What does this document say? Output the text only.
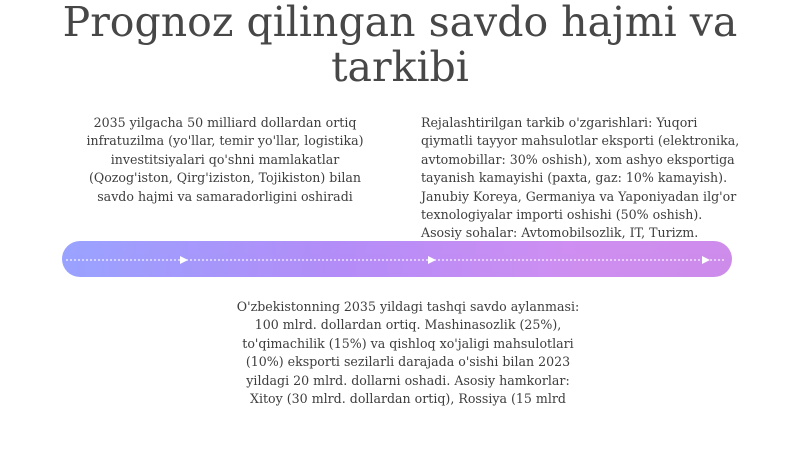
Prognoz qilingan savdo hajmi va tarkibi

2035 yilgacha 50 milliard dollardan ortiq infratuzilma (yo'llar, temir yo'llar, logistika) investitsiyalari qo'shni mamlakatlar (Qozog'iston, Qirg'iziston, Tojikiston) bilan savdo hajmi va samaradorligini oshiradi

Rejalashtirilgan tarkib o'zgarishlari: Yuqori qiymatli tayyor mahsulotlar eksporti (elektronika, avtomobillar: 30% oshish), xom ashyo eksportiga tayanish kamayishi (paxta, gaz: 10% kamayish). Janubiy Koreya, Germaniya va Yaponiyadan ilg'or texnologiyalar importi oshishi (50% oshish). Asosiy sohalar: Avtomobilsozlik, IT, Turizm.

O'zbekistonning 2035 yildagi tashqi savdo aylanmasi: 100 mlrd. dollardan ortiq. Mashinasozlik (25%), to'qimachilik (15%) va qishloq xo'jaligi mahsulotlari (10%) eksporti sezilarli darajada o'sishi bilan 2023 yildagi 20 mlrd. dollarni oshadi. Asosiy hamkorlar: Xitoy (30 mlrd. dollardan ortiq), Rossiya (15 mlrd
